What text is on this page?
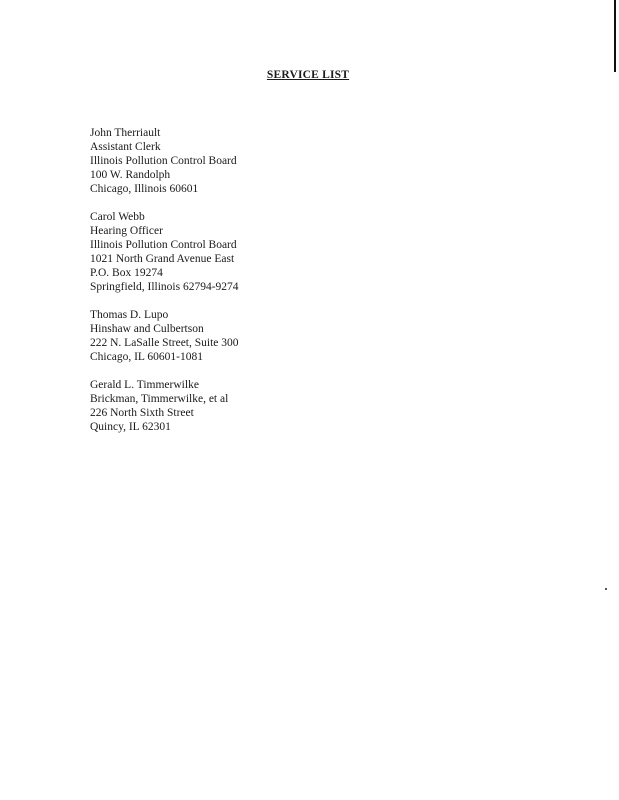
SERVICE LIST
John Therriault
Assistant Clerk
Illinois Pollution Control Board
100 W. Randolph
Chicago, Illinois 60601
Carol Webb
Hearing Officer
Illinois Pollution Control Board
1021 North Grand Avenue East
P.O. Box 19274
Springfield, Illinois 62794-9274
Thomas D. Lupo
Hinshaw and Culbertson
222 N. LaSalle Street, Suite 300
Chicago, IL 60601-1081
Gerald L. Timmerwilke
Brickman, Timmerwilke, et al
226 North Sixth Street
Quincy, IL 62301
